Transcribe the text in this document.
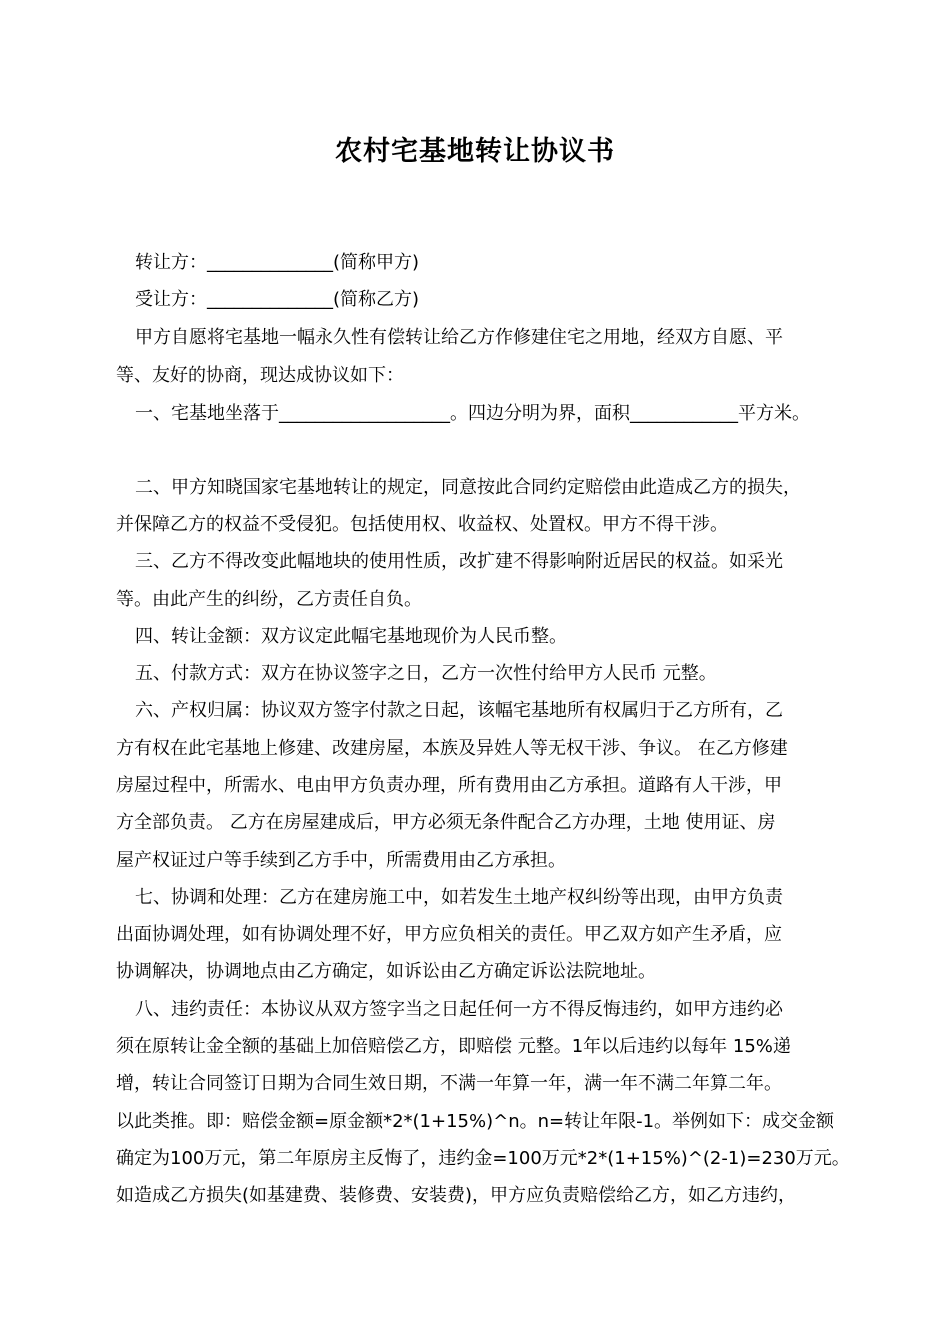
农村宅基地转让协议书
转让方：______________(简称甲方)
受让方：______________(简称乙方)
甲方自愿将宅基地一幅永久性有偿转让给乙方作修建住宅之用地，经双方自愿、平
等、友好的协商，现达成协议如下：
一、宅基地坐落于___________________。四边分明为界，面积____________平方米。
二、甲方知晓国家宅基地转让的规定，同意按此合同约定赔偿由此造成乙方的损失，
并保障乙方的权益不受侵犯。包括使用权、收益权、处置权。甲方不得干涉。
三、乙方不得改变此幅地块的使用性质，改扩建不得影响附近居民的权益。如采光
等。由此产生的纠纷，乙方责任自负。
四、转让金额：双方议定此幅宅基地现价为人民币整。
五、付款方式：双方在协议签字之日，乙方一次性付给甲方人民币 元整。
六、产权归属：协议双方签字付款之日起，该幅宅基地所有权属归于乙方所有，乙
方有权在此宅基地上修建、改建房屋，本族及异姓人等无权干涉、争议。 在乙方修建
房屋过程中，所需水、电由甲方负责办理，所有费用由乙方承担。道路有人干涉，甲
方全部负责。 乙方在房屋建成后，甲方必须无条件配合乙方办理，土地 使用证、房
屋产权证过户等手续到乙方手中，所需费用由乙方承担。
七、协调和处理：乙方在建房施工中，如若发生土地产权纠纷等出现，由甲方负责
出面协调处理，如有协调处理不好，甲方应负相关的责任。甲乙双方如产生矛盾，应
协调解决，协调地点由乙方确定，如诉讼由乙方确定诉讼法院地址。
八、违约责任：本协议从双方签字当之日起任何一方不得反悔违约，如甲方违约必
须在原转让金全额的基础上加倍赔偿乙方，即赔偿 元整。1年以后违约以每年 15%递
增，转让合同签订日期为合同生效日期，不满一年算一年，满一年不满二年算二年。
以此类推。即：赔偿金额=原金额*2*(1+15%)^n。n=转让年限-1。举例如下：成交金额
确定为100万元，第二年原房主反悔了，违约金=100万元*2*(1+15%)^(2-1)=230万元。
如造成乙方损失(如基建费、装修费、安装费)，甲方应负责赔偿给乙方，如乙方违约，
